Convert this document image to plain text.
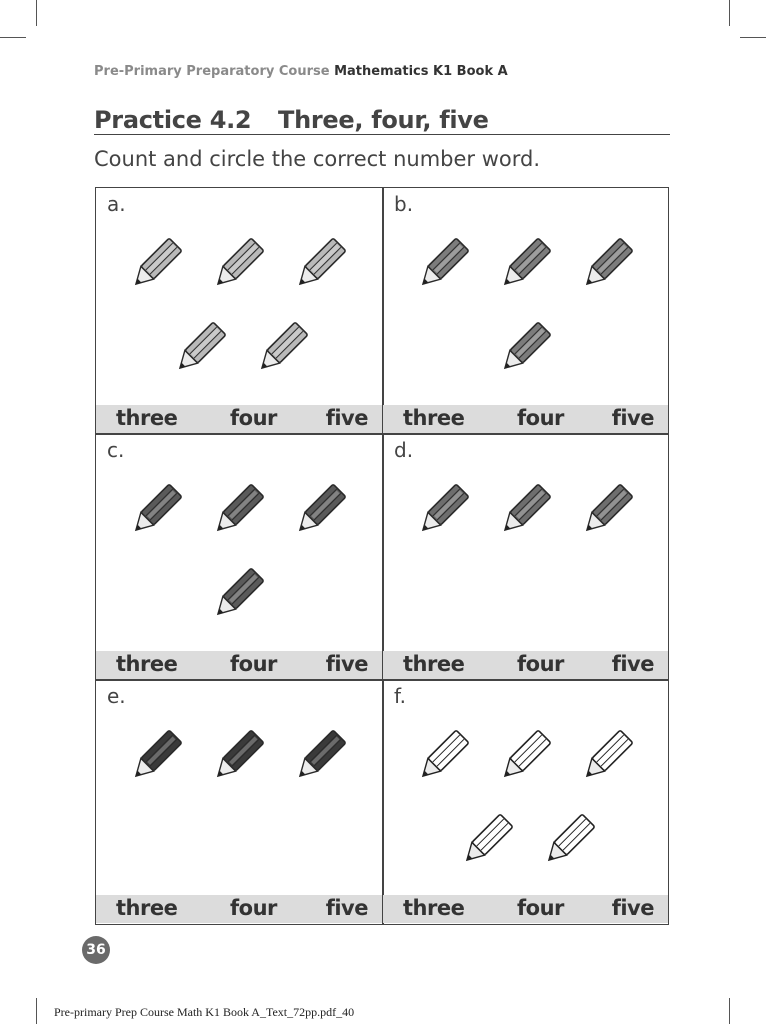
Pre-Primary Preparatory Course Mathematics K1 Book A
Practice 4.2 Three, four, five
Count and circle the correct number word.
a.
three	four five
b.
three	four five
c.
three	four five
d.
three	four five
e.
three	four five
f.
three	four five
36
Pre-primary Prep Course Math K1 Book A_Text_72pp.pdf_40
